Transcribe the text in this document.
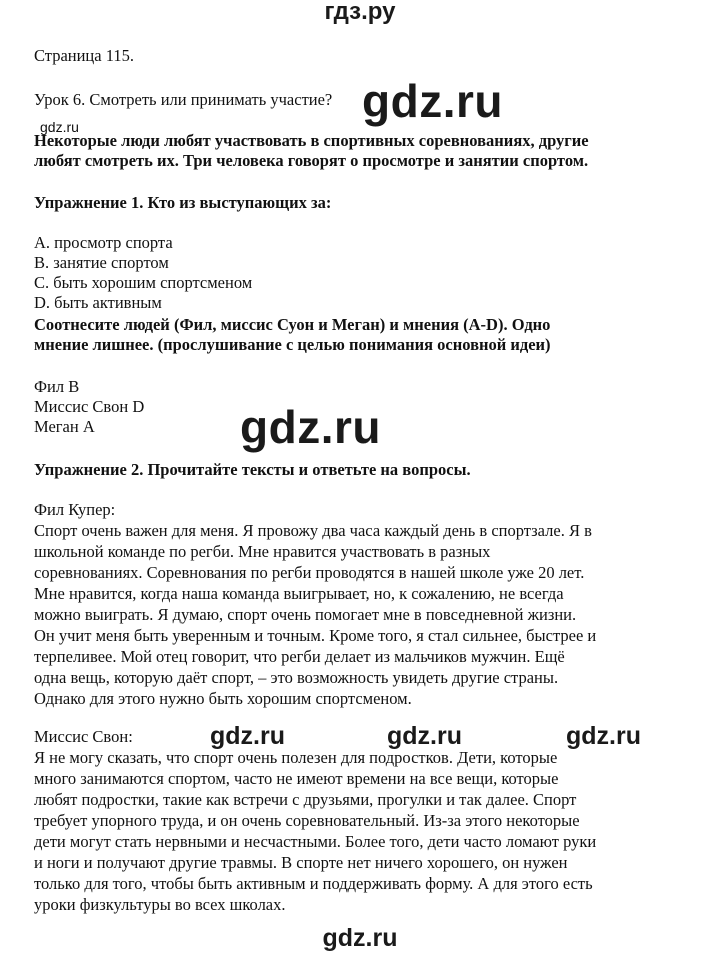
гдз.ру
Страница 115.
Урок 6. Смотреть или принимать участие? gdz.ru
gdz.ru
Некоторые люди любят участвовать в спортивных соревнованиях, другие
любят смотреть их. Три человека говорят о просмотре и занятии спортом.
Упражнение 1. Кто из выступающих за:
A. просмотр спорта
B. занятие спортом
C. быть хорошим спортсменом
D. быть активным
Соотнесите людей (Фил, миссис Суон и Меган) и мнения (A-D). Одно
мнение лишнее. (прослушивание с целью понимания основной идеи)
Фил B
Миссис Свон D
Меган A	gdz.ru
Упражнение 2. Прочитайте тексты и ответьте на вопросы.
Фил Купер:
Спорт очень важен для меня. Я провожу два часа каждый день в спортзале. Я в
школьной команде по регби. Мне нравится участвовать в разных
соревнованиях. Соревнования по регби проводятся в нашей школе уже 20 лет.
Мне нравится, когда наша команда выигрывает, но, к сожалению, не всегда
можно выиграть. Я думаю, спорт очень помогает мне в повседневной жизни.
Он учит меня быть уверенным и точным. Кроме того, я стал сильнее, быстрее и
терпеливее. Мой отец говорит, что регби делает из мальчиков мужчин. Ещё
одна вещь, которую даёт спорт, – это возможность увидеть другие страны.
Однако для этого нужно быть хорошим спортсменом.
Миссис Свон:	gdz.ru	gdz.ru	gdz.ru
Я не могу сказать, что спорт очень полезен для подростков. Дети, которые
много занимаются спортом, часто не имеют времени на все вещи, которые
любят подростки, такие как встречи с друзьями, прогулки и так далее. Спорт
требует упорного труда, и он очень соревновательный. Из-за этого некоторые
дети могут стать нервными и несчастными. Более того, дети часто ломают руки
и ноги и получают другие травмы. В спорте нет ничего хорошего, он нужен
только для того, чтобы быть активным и поддерживать форму. А для этого есть
уроки физкультуры во всех школах.
gdz.ru
